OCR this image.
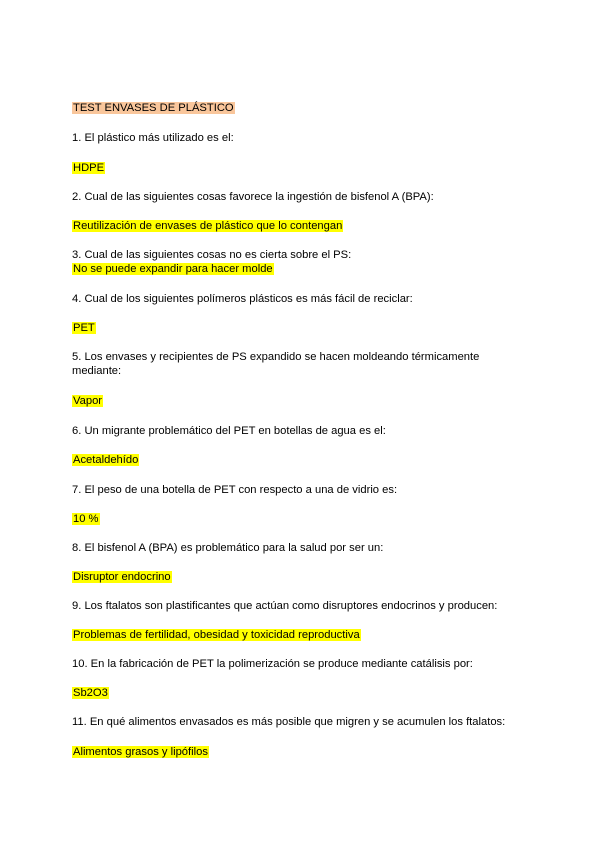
TEST ENVASES DE PLÁSTICO
1. El plástico más utilizado es el:
HDPE
2. Cual de las siguientes cosas favorece la ingestión de bisfenol A (BPA):
Reutilización de envases de plástico que lo contengan
3. Cual de las siguientes cosas no es cierta sobre el PS:
No se puede expandir para hacer molde
4. Cual de los siguientes polímeros plásticos es más fácil de reciclar:
PET
5. Los envases y recipientes de PS expandido se hacen moldeando térmicamente
mediante:
Vapor
6. Un migrante problemático del PET en botellas de agua es el:
Acetaldehído
7. El peso de una botella de PET con respecto a una de vidrio es:
10 %
8. El bisfenol A (BPA) es problemático para la salud por ser un:
Disruptor endocrino
9. Los ftalatos son plastificantes que actúan como disruptores endocrinos y producen:
Problemas de fertilidad, obesidad y toxicidad reproductiva
10. En la fabricación de PET la polimerización se produce mediante catálisis por:
Sb2O3
11. En qué alimentos envasados es más posible que migren y se acumulen los ftalatos:
Alimentos grasos y lipófilos
